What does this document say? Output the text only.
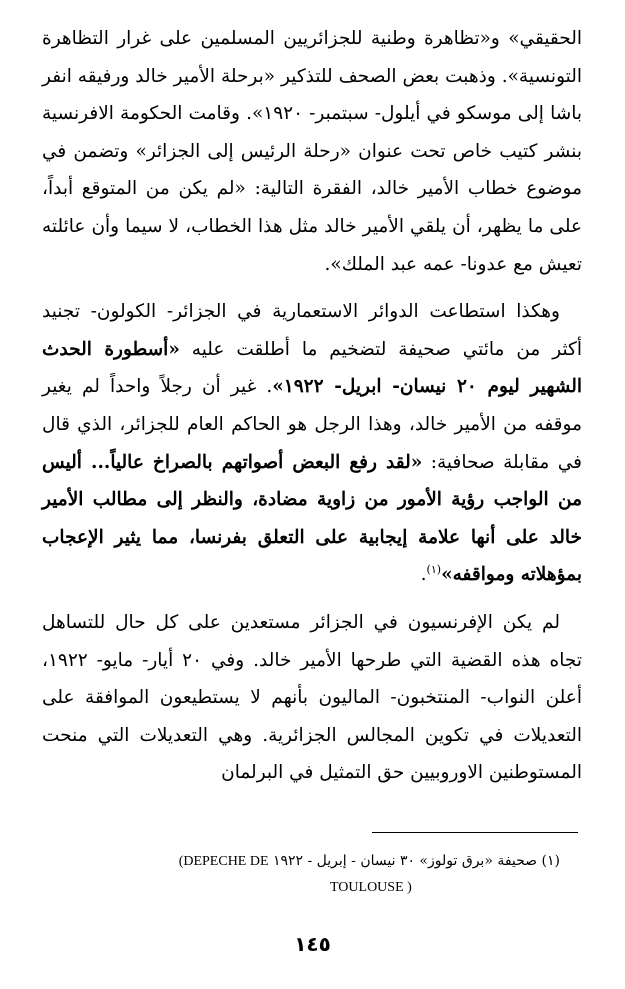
الحقيقي» و«تظاهرة وطنية للجزائريين المسلمين على غرار التظاهرة التونسية». وذهبت بعض الصحف للتذكير «برحلة الأمير خالد ورفيقه انفر باشا إلى موسكو في أيلول- سبتمبر- ١٩٢٠». وقامت الحكومة الافرنسية بنشر كتيب خاص تحت عنوان «رحلة الرئيس إلى الجزائر» وتضمن في موضوع خطاب الأمير خالد، الفقرة التالية: «لم يكن من المتوقع أبداً، على ما يظهر، أن يلقي الأمير خالد مثل هذا الخطاب، لا سيما وأن عائلته تعيش مع عدونا- عمه عبد الملك».

وهكذا استطاعت الدوائر الاستعمارية في الجزائر- الكولون- تجنيد أكثر من مائتي صحيفة لتضخيم ما أطلقت عليه «أسطورة الحدث الشهير ليوم ٢٠ نيسان- ابريل- ١٩٢٢». غير أن رجلاً واحداً لم يغير موقفه من الأمير خالد، وهذا الرجل هو الحاكم العام للجزائر، الذي قال في مقابلة صحافية: «لقد رفع البعض أصواتهم بالصراخ عالياً... أليس من الواجب رؤية الأمور من زاوية مضادة، والنظر إلى مطالب الأمير خالد على أنها علامة إيجابية على التعلق بفرنسا، مما يثير الإعجاب بمؤهلاته ومواقفه»$^{(١)}$.

لم يكن الإفرنسيون في الجزائر مستعدين على كل حال للتساهل تجاه هذه القضية التي طرحها الأمير خالد. وفي ٢٠ أيار- مايو- ١٩٢٢، أعلن النواب- المنتخبون- الماليون بأنهم لا يستطيعون الموافقة على التعديلات في تكوين المجالس الجزائرية. وهي التعديلات التي منحت المستوطنين الاوروبيين حق التمثيل في البرلمان

(١) صحيفة «برق تولوز» ٣٠ نيسان - إبريل - ١٩٢٢ (DEPECHE DE
TOULOUSE )
١٤٥
